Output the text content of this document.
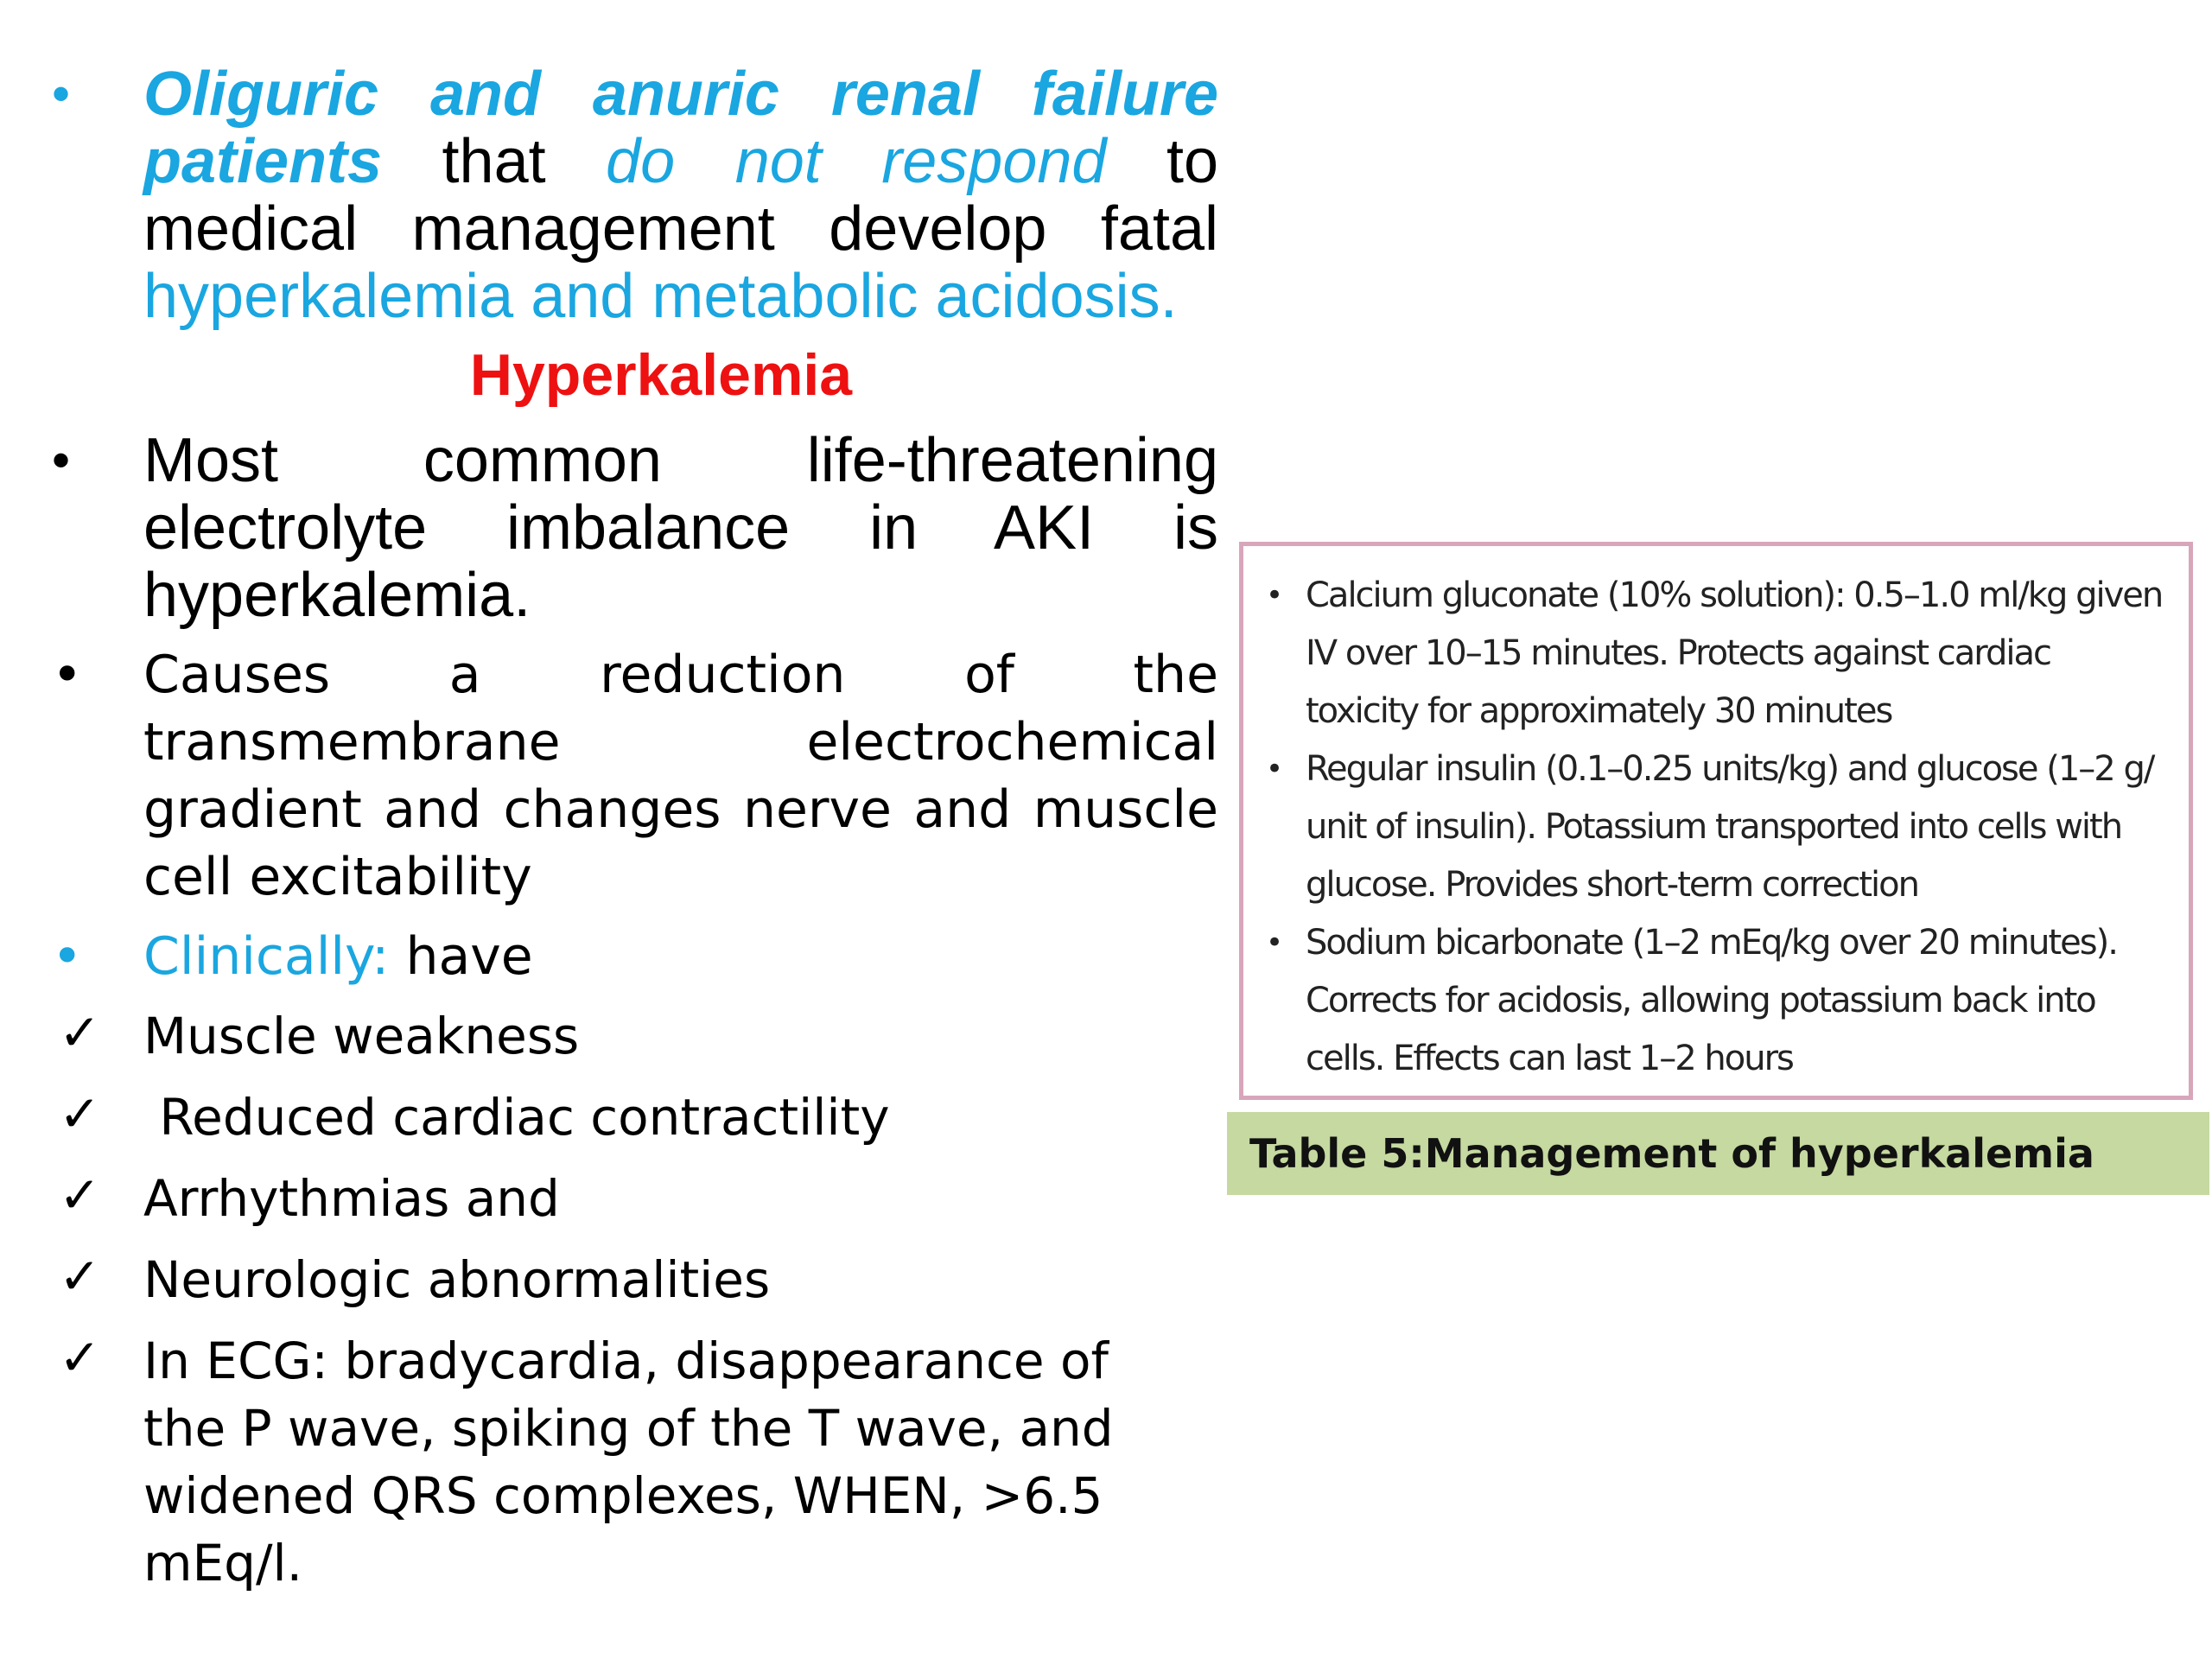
•	Oliguric and anuric renal failure patients that do not respond to medical management develop fatal hyperkalemia and metabolic acidosis.
Hyperkalemia
•	Most common life-threatening electrolyte imbalance in AKI is hyperkalemia.
•	Causes a reduction of the transmembrane electrochemical gradient and changes nerve and muscle cell excitability
•	Clinically: have
✓ Muscle weakness
✓ Reduced cardiac contractility
✓ Arrhythmias and
✓ Neurologic abnormalities
✓ In ECG: bradycardia, disappearance of the P wave, spiking of the T wave, and widened QRS complexes, WHEN, >6.5 mEq/l.
• Calcium gluconate (10% solution): 0.5–1.0 ml/kg given IV over 10–15 minutes. Protects against cardiac toxicity for approximately 30 minutes
• Regular insulin (0.1–0.25 units/kg) and glucose (1–2 g/ unit of insulin). Potassium transported into cells with glucose. Provides short-term correction
• Sodium bicarbonate (1–2 mEq/kg over 20 minutes). Corrects for acidosis, allowing potassium back into cells. Effects can last 1–2 hours
Table 5:Management of hyperkalemia
